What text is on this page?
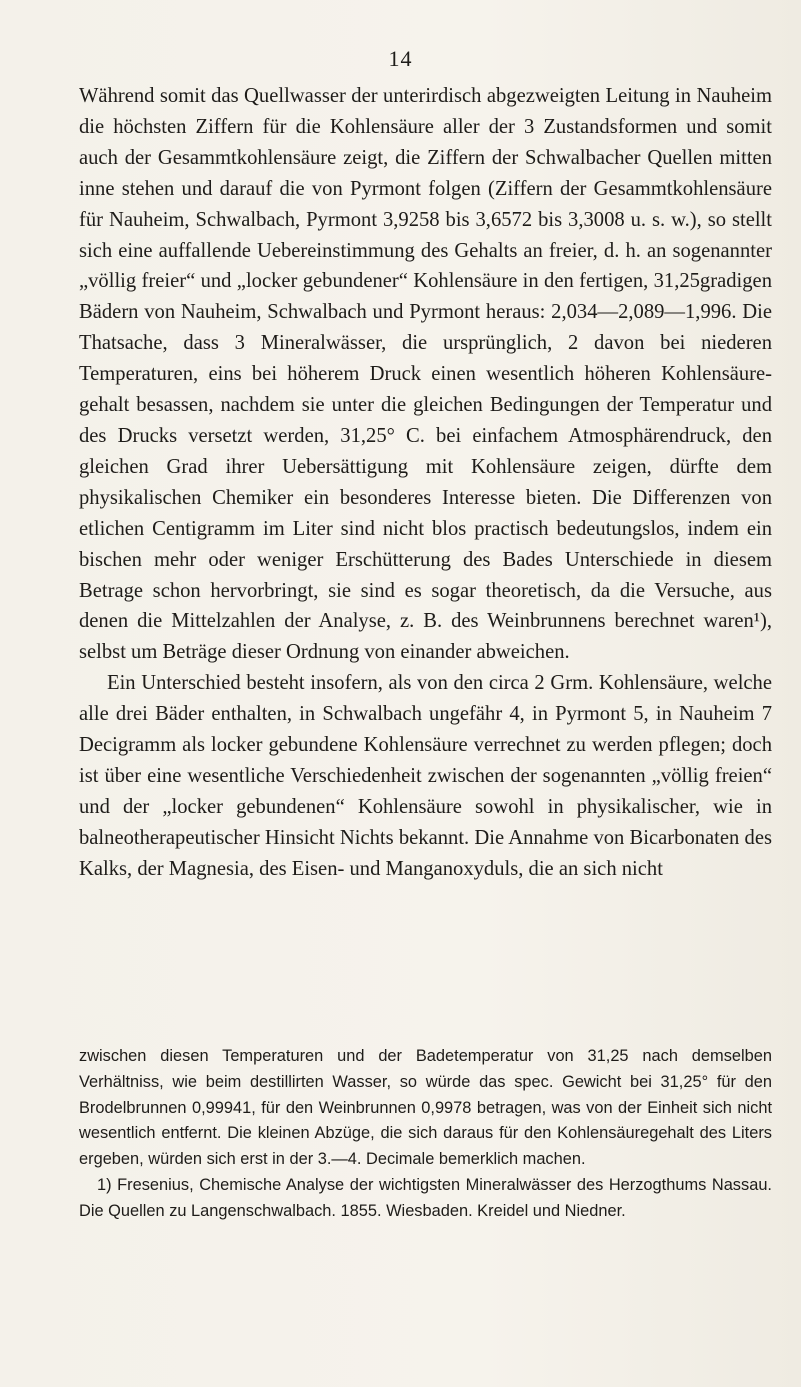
14

Während somit das Quellwasser der unterirdisch abgezweigten Leitung in Nauheim die höchsten Ziffern für die Kohlensäure aller der 3 Zustandsformen und somit auch der Gesammtkohlensäure zeigt, die Ziffern der Schwalbacher Quellen mitten inne stehen und darauf die von Pyrmont folgen (Ziffern der Gesammtkohlensäure für Nauheim, Schwalbach, Pyrmont 3,9258 bis 3,6572 bis 3,3008 u. s. w.), so stellt sich eine auffallende Uebereinstimmung des Gehalts an freier, d. h. an sogenannter „völlig freier“ und „locker gebundener“ Kohlensäure in den fertigen, 31,25gradigen Bädern von Nauheim, Schwalbach und Pyrmont heraus: 2,034—2,089—1,996. Die Thatsache, dass 3 Mineralwässer, die ursprünglich, 2 davon bei niederen Temperaturen, eins bei höherem Druck einen wesentlich höheren Kohlensäuregehalt besassen, nachdem sie unter die gleichen Bedingungen der Temperatur und des Drucks versetzt werden, 31,25° C. bei einfachem Atmosphärendruck, den gleichen Grad ihrer Uebersättigung mit Kohlensäure zeigen, dürfte dem physikalischen Chemiker ein besonderes Interesse bieten. Die Differenzen von etlichen Centigramm im Liter sind nicht blos practisch bedeutungslos, indem ein bischen mehr oder weniger Erschütterung des Bades Unterschiede in diesem Betrage schon hervorbringt, sie sind es sogar theoretisch, da die Versuche, aus denen die Mittelzahlen der Analyse, z. B. des Weinbrunnens berechnet waren¹), selbst um Beträge dieser Ordnung von einander abweichen.

Ein Unterschied besteht insofern, als von den circa 2 Grm. Kohlensäure, welche alle drei Bäder enthalten, in Schwalbach ungefähr 4, in Pyrmont 5, in Nauheim 7 Decigramm als locker gebundene Kohlensäure verrechnet zu werden pflegen; doch ist über eine wesentliche Verschiedenheit zwischen der sogenannten „völlig freien“ und der „locker gebundenen“ Kohlensäure sowohl in physikalischer, wie in balneotherapeutischer Hinsicht Nichts bekannt. Die Annahme von Bicarbonaten des Kalks, der Magnesia, des Eisen- und Manganoxyduls, die an sich nicht

zwischen diesen Temperaturen und der Badetemperatur von 31,25 nach demselben Verhältniss, wie beim destillirten Wasser, so würde das spec. Gewicht bei 31,25° für den Brodelbrunnen 0,99941, für den Weinbrunnen 0,9978 betragen, was von der Einheit sich nicht wesentlich entfernt. Die kleinen Abzüge, die sich daraus für den Kohlensäuregehalt des Liters ergeben, würden sich erst in der 3.—4. Decimale bemerklich machen.

1) Fresenius, Chemische Analyse der wichtigsten Mineralwässer des Herzogthums Nassau. Die Quellen zu Langenschwalbach. 1855. Wiesbaden. Kreidel und Niedner.
